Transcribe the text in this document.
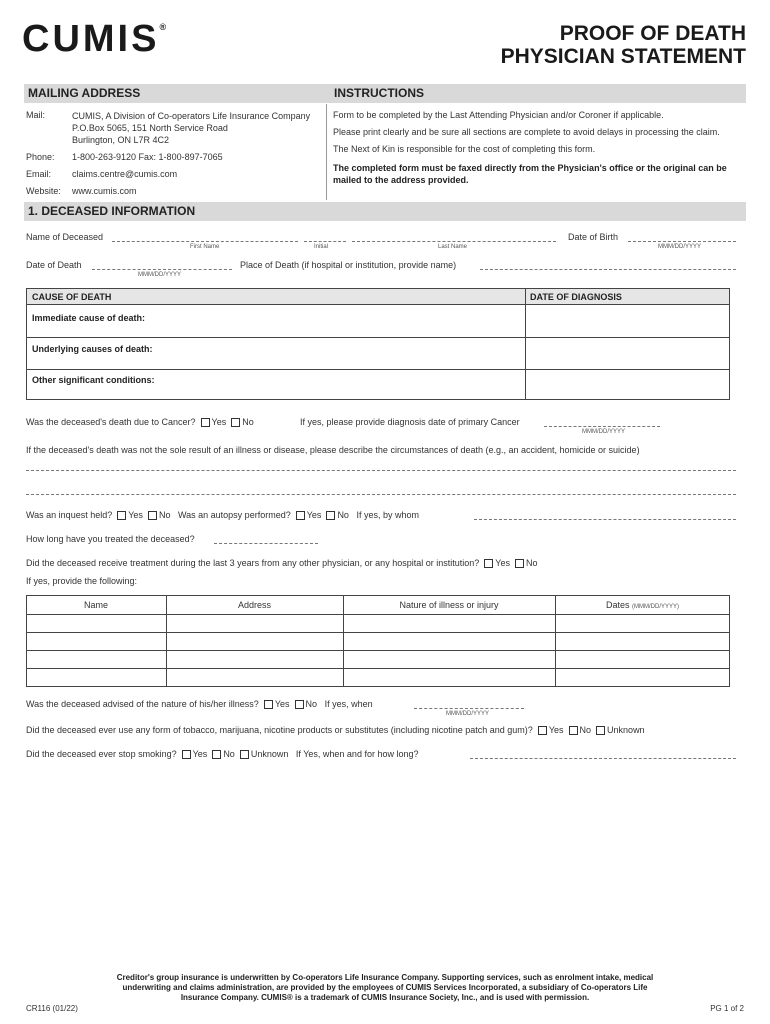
CUMIS®	PROOF OF DEATH
PHYSICIAN STATEMENT
MAILING ADDRESS	INSTRUCTIONS
Mail:	CUMIS, A Division of Co-operators Life Insurance Company
P.O.Box 5065, 151 North Service Road
Burlington, ON L7R 4C2
Phone: 1-800-263-9120 Fax: 1-800-897-7065
Email: claims.centre@cumis.com
Website: www.cumis.com
Form to be completed by the Last Attending Physician and/or Coroner if applicable.
Please print clearly and be sure all sections are complete to avoid delays in processing the claim.
The Next of Kin is responsible for the cost of completing this form.
The completed form must be faxed directly from the Physician's office or the original can be mailed to the address provided.
1. DECEASED INFORMATION
Name of Deceased
First Name	Initial	Last Name
Date of Birth
MMM/DD/YYYY
Date of Death
MMM/DD/YYYY
Place of Death (if hospital or institution, provide name)
CAUSE OF DEATH	DATE OF DIAGNOSIS
Immediate cause of death:
Underlying causes of death:
Other significant conditions:
Was the deceased's death due to Cancer? Yes No	If yes, please provide diagnosis date of primary Cancer
MMM/DD/YYYY
If the deceased's death was not the sole result of an illness or disease, please describe the circumstances of death (e.g., an accident, homicide or suicide)
Was an inquest held? Yes No Was an autopsy performed? Yes No If yes, by whom
How long have you treated the deceased?
Did the deceased receive treatment during the last 3 years from any other physician, or any hospital or institution? Yes No
If yes, provide the following:
Name	Address	Nature of illness or injury	Dates (MMM/DD/YYYY)
Was the deceased advised of the nature of his/her illness? Yes No If yes, when
MMM/DD/YYYY
Did the deceased ever use any form of tobacco, marijuana, nicotine products or substitutes (including nicotine patch and gum)? Yes No Unknown
Did the deceased ever stop smoking? Yes No Unknown If Yes, when and for how long?
Creditor's group insurance is underwritten by Co-operators Life Insurance Company. Supporting services, such as enrolment intake, medical underwriting and claims administration, are provided by the employees of CUMIS Services Incorporated, a subsidiary of Co-operators Life Insurance Company. CUMIS® is a trademark of CUMIS Insurance Society, Inc., and is used with permission.
CR116 (01/22)	PG 1 of 2
